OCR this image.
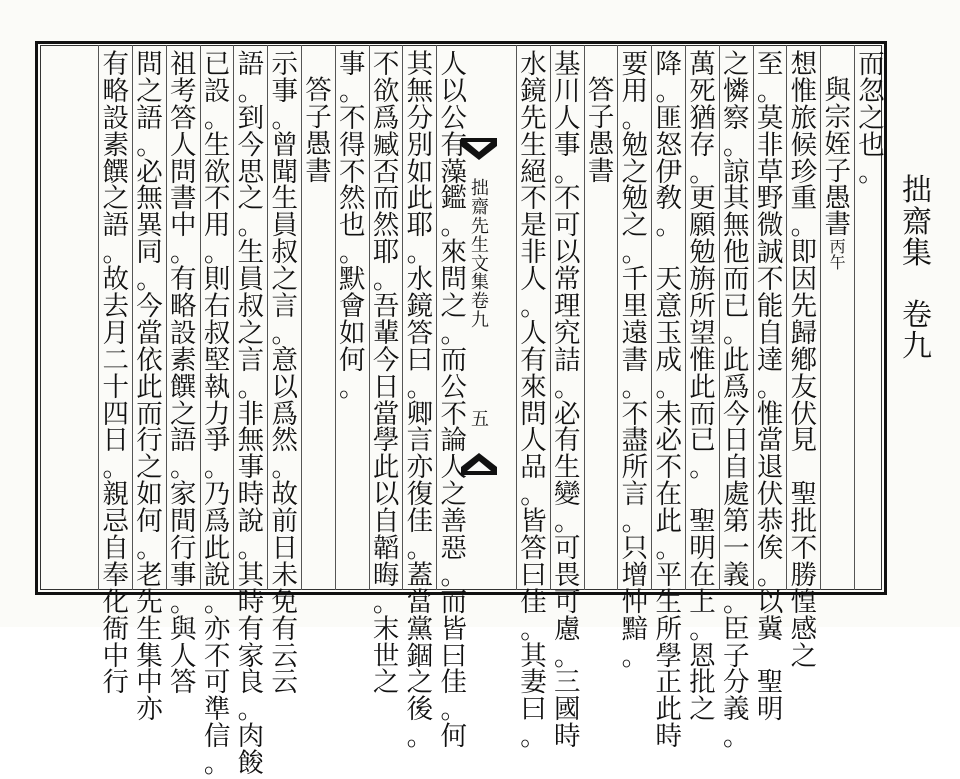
拙
齋
集
卷
九
拙
齋
先
生
文
集
卷
九
五
而
忽
之
也
。
與
宗
姪
子
愚
書
丙
午
想
惟
旅
候
珍
重
。
即
因
先
歸
鄕
友
伏
見

聖
批
不
勝
惶
感
之
至
。
莫
非
草
野
微
誠
不
能
自
達
。
惟
當
退
伏
恭
俟
。
以
冀

聖
明
之
憐
察
。
諒
其
無
他
而
已
。
此
爲
今
日
自
處
第
一
義
。
臣
子
分
義
。
萬
死
猶
存
。
更
願
勉
旃
所
望
惟
此
而
已
。

聖
明
在
上
。
恩
批
之
降
。
匪
怒
伊
敎
。

天
意
玉
成
。
未
必
不
在
此
。
平
生
所
學
正
此
時
要
用
。
勉
之
勉
之
。
千
里
遠
書
。
不
盡
所
言
。
只
增
忡
黯
。
答
子
愚
書
基
川
人
事
。
不
可
以
常
理
究
詰
。
必
有
生
變
。
可
畏
可
慮
。
三
國
時
水
鏡
先
生
絕
不
是
非
人
。
人
有
來
問
人
品
。
皆
答
曰
佳
。
其
妻
曰
。
人
以
公
有
藻
鑑
。
來
問
之
。
而
公
不
論
人
之
善
惡
。
而
皆
曰
佳
。
何
其
無
分
別
如
此
耶
。
水
鏡
答
曰
。
卿
言
亦
復
佳
。
蓋
當
黨
錮
之
後
。
不
欲
爲
臧
否
而
然
耶
。
吾
輩
今
日
當
學
此
以
自
韜
晦
。
末
世
之
事
。
不
得
不
然
也
。
默
會
如
何
。
答
子
愚
書
示
事
。
曾
聞
生
員
叔
之
言
。
意
以
爲
然
。
故
前
日
未
免
有
云
云
語
。
到
今
思
之
。
生
員
叔
之
言
。
非
無
事
時
說
。
其
時
有
家
良
。
肉
餕
已
設
。
生
欲
不
用
。
則
右
叔
堅
執
力
爭
。
乃
爲
此
說
。
亦
不
可
準
信
。
祖
考
答
人
問
書
中
。
有
略
設
素
饌
之
語
。
家
間
行
事
。
與
人
答
問
之
語
。
必
無
異
同
。
今
當
依
此
而
行
之
如
何
。
老
先
生
集
中
亦
有
略
設
素
饌
之
語
。
故
去
月
二
十
四
日
。
親
忌
自
奉
化
衙
中
行
